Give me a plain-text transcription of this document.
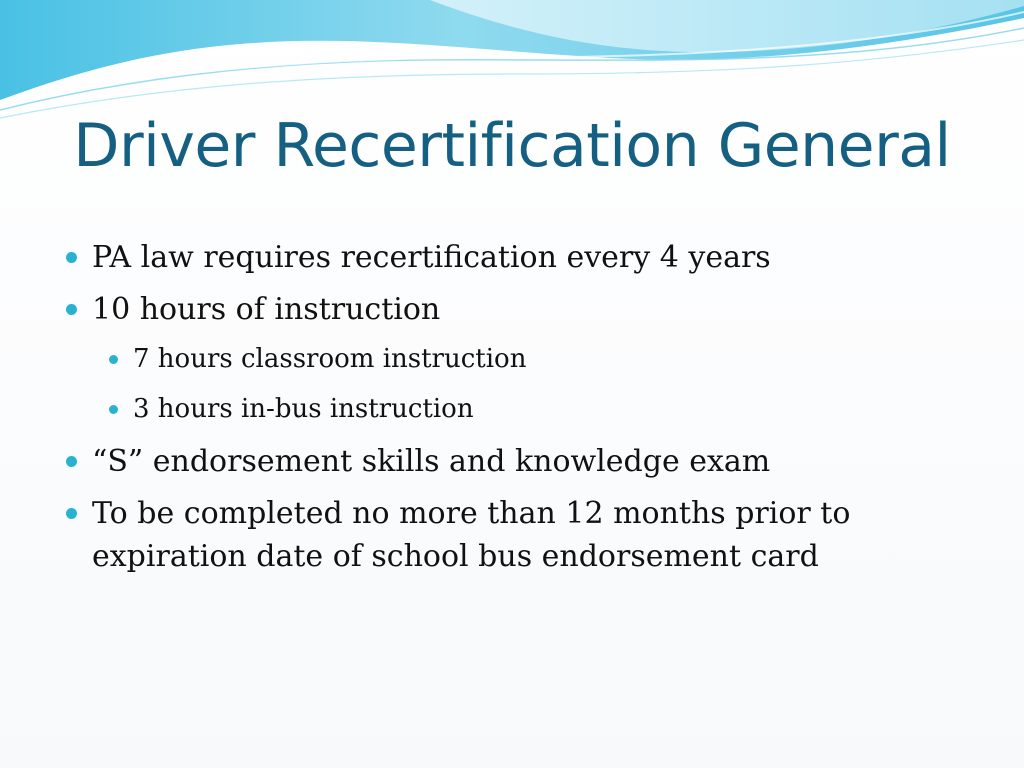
Driver Recertification General
PA law requires recertification every 4 years
10 hours of instruction
7 hours classroom instruction
3 hours in-bus instruction
“S” endorsement skills and knowledge exam
To be completed no more than 12 months prior to expiration date of school bus endorsement card
